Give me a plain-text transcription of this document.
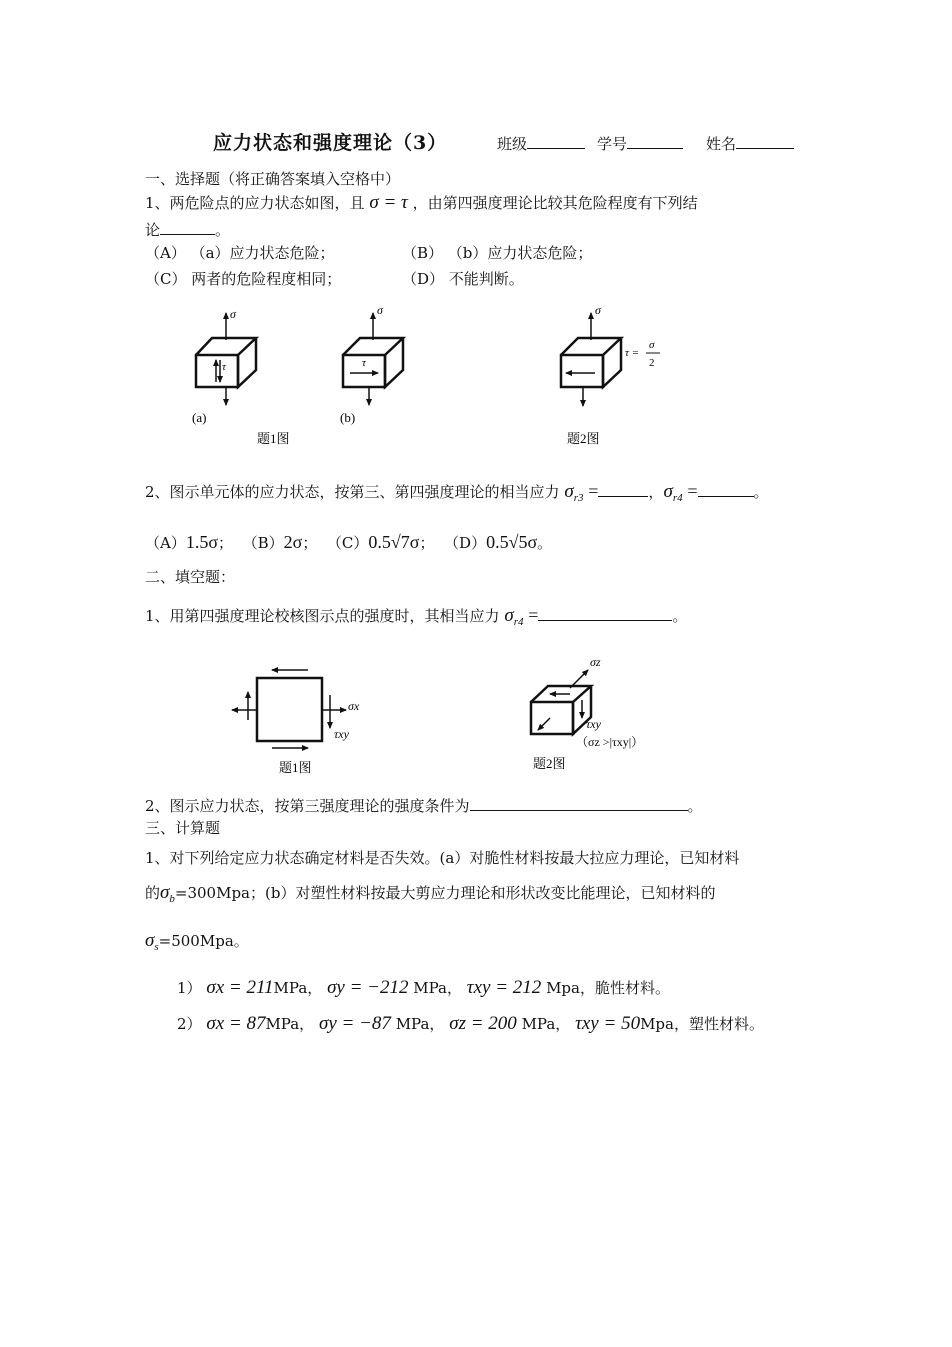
应力状态和强度理论（3）	班级	学号	姓名
一、选择题（将正确答案填入空格中）
1、两危险点的应力状态如图，且 σ = τ ，由第四强度理论比较其危险程度有下列结
论	。
（A） （a）应力状态危险；	（B） （b）应力状态危险；
（C） 两者的危险程度相同；	（D） 不能判断。
σ
τ
(a)
σ
τ
(b)
题1图
σ
τ =
σ
2
题2图
2、图示单元体的应力状态，按第三、第四强度理论的相当应力 $\sigma_{r3}$ =	，$\sigma_{r4}$ =	。
（A）1.5σ； （B）2σ； （C）0.5√7σ； （D）0.5√5σ。
二、填空题：
1、用第四强度理论校核图示点的强度时，其相当应力 $\sigma_{r4}$ =	。
σx
τxy
题1图
σz
τxy
（σz >|τxy|）
题2图
2、图示应力状态，按第三强度理论的强度条件为	。
三、计算题
1、对下列给定应力状态确定材料是否失效。(a）对脆性材料按最大拉应力理论，已知材料
的$\sigma_b=300Mpa$；(b）对塑性材料按最大剪应力理论和形状改变比能理论，已知材料的
$\sigma_s=500Mpa$。
1） σx = 211MPa， σy = −212 MPa， τxy = 212 Mpa，脆性材料。
2） σx = 87MPa， σy = −87 MPa， σz = 200 MPa， τxy = 50Mpa，塑性材料。
